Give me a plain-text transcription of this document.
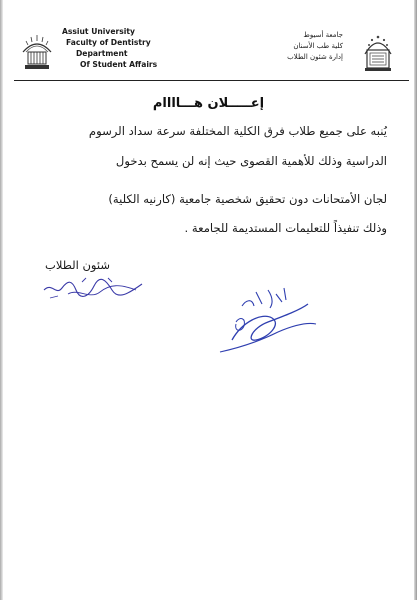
Assiut University
Faculty of Dentistry
Department
Of Student Affairs
جامعة أسيوط
كلية طب الأسنان
إدارة شئون الطلاب
إعـــــلان هـــاااام
يُنبه على جميع طلاب فرق الكلية المختلفة سرعة سداد الرسوم
الدراسية وذلك للأهمية القصوى حيث إنه لن يسمح بدخول
لجان الأمتحانات دون تحقيق شخصية جامعية (كارنيه الكلية)
وذلك تنفيذاً للتعليمات المستديمة للجامعة .
شئون الطلاب
